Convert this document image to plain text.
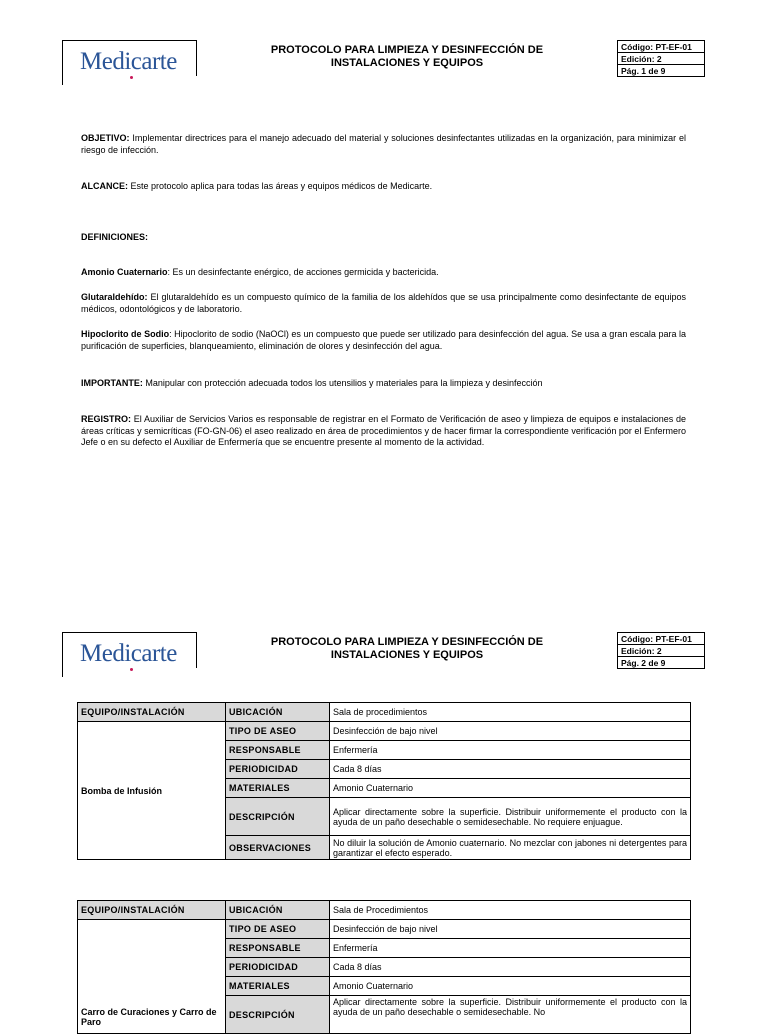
Medicarte	PROTOCOLO PARA LIMPIEZA Y DESINFECCIÓN DE
INSTALACIONES Y EQUIPOS
Código: PT-EF-01
Edición: 2
Pág. 1 de 9
OBJETIVO: Implementar directrices para el manejo adecuado del material y soluciones desinfectantes utilizadas en la organización, para minimizar el riesgo de infección.
ALCANCE: Este protocolo aplica para todas las áreas y equipos médicos de Medicarte.
DEFINICIONES:
Amonio Cuaternario: Es un desinfectante enérgico, de acciones germicida y bactericida.
Glutaraldehído: El glutaraldehído es un compuesto químico de la familia de los aldehídos que se usa principalmente como desinfectante de equipos médicos, odontológicos y de laboratorio.
Hipoclorito de Sodio: Hipoclorito de sodio (NaOCl) es un compuesto que puede ser utilizado para desinfección del agua. Se usa a gran escala para la purificación de superficies, blanqueamiento, eliminación de olores y desinfección del agua.
IMPORTANTE: Manipular con protección adecuada todos los utensilios y materiales para la limpieza y desinfección
REGISTRO: El Auxiliar de Servicios Varios es responsable de registrar en el Formato de Verificación de aseo y limpieza de equipos e instalaciones de áreas críticas y semicríticas (FO-GN-06) el aseo realizado en área de procedimientos y de hacer firmar la correspondiente verificación por el Enfermero Jefe o en su defecto el Auxiliar de Enfermería que se encuentre presente al momento de la actividad.
Medicarte	PROTOCOLO PARA LIMPIEZA Y DESINFECCIÓN DE
INSTALACIONES Y EQUIPOS
Código: PT-EF-01
Edición: 2
Pág. 2 de 9
EQUIPO/INSTALACIÓN	UBICACIÓN	Sala de procedimientos
Bomba de Infusión	TIPO DE ASEO	Desinfección de bajo nivel
	RESPONSABLE	Enfermería
	PERIODICIDAD	Cada 8 días
	MATERIALES	Amonio Cuaternario
	DESCRIPCIÓN	Aplicar directamente sobre la superficie. Distribuir uniformemente el producto con la ayuda de un paño desechable o semidesechable. No requiere enjuague.
	OBSERVACIONES	No diluir la solución de Amonio cuaternario. No mezclar con jabones ni detergentes para garantizar el efecto esperado.
EQUIPO/INSTALACIÓN	UBICACIÓN	Sala de Procedimientos
Carro de Curaciones y Carro de Paro	TIPO DE ASEO	Desinfección de bajo nivel
	RESPONSABLE	Enfermería
	PERIODICIDAD	Cada 8 días
	MATERIALES	Amonio Cuaternario
	DESCRIPCIÓN	Aplicar directamente sobre la superficie. Distribuir uniformemente el producto con la ayuda de un paño desechable o semidesechable. No
